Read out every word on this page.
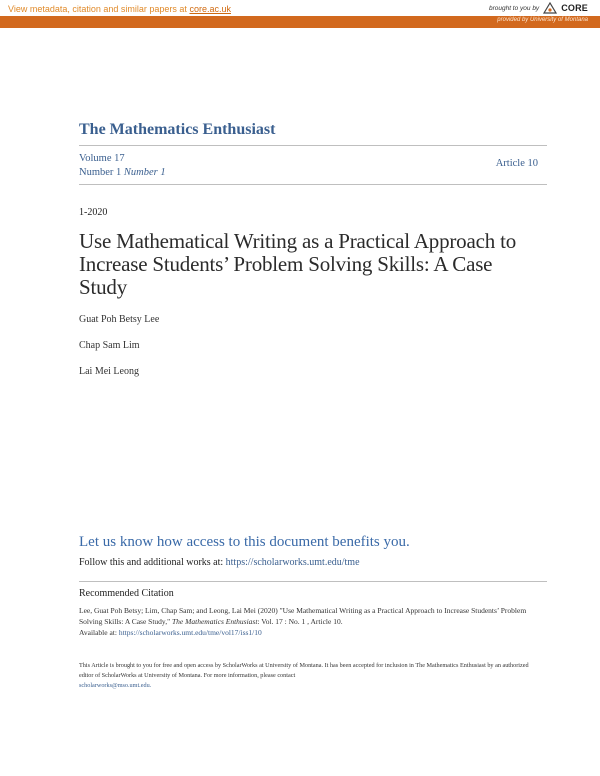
View metadata, citation and similar papers at core.ac.uk	brought to you by CORE
provided by University of Montana
The Mathematics Enthusiast
Volume 17
Number 1 Number 1
Article 10
1-2020
Use Mathematical Writing as a Practical Approach to Increase Students’ Problem Solving Skills: A Case Study
Guat Poh Betsy Lee
Chap Sam Lim
Lai Mei Leong
Let us know how access to this document benefits you.
Follow this and additional works at: https://scholarworks.umt.edu/tme
Recommended Citation
Lee, Guat Poh Betsy; Lim, Chap Sam; and Leong, Lai Mei (2020) "Use Mathematical Writing as a Practical Approach to Increase Students’ Problem Solving Skills: A Case Study," The Mathematics Enthusiast: Vol. 17 : No. 1 , Article 10.
Available at: https://scholarworks.umt.edu/tme/vol17/iss1/10
This Article is brought to you for free and open access by ScholarWorks at University of Montana. It has been accepted for inclusion in The Mathematics Enthusiast by an authorized editor of ScholarWorks at University of Montana. For more information, please contact
scholarworks@mso.umt.edu.
